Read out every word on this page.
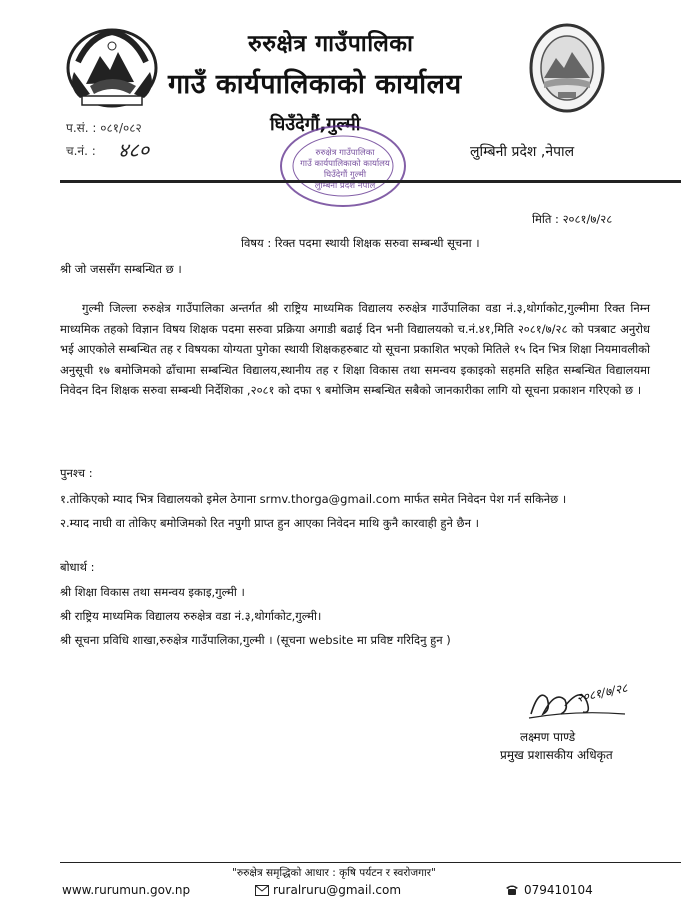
रुरुक्षेत्र गाउँपालिका
गाउँ कार्यपालिकाको कार्यालय
घिउँदेगौं,गुल्मी
रुरुक्षेत्र गाउँपालिका
गाउँ कार्यपालिकाको कार्यालय
घिउँदेगौं गुल्मी
लुम्बिनी प्रदेश नेपाल
प.सं. : ०८१/०८२
च.नं. : ४८०	लुम्बिनी प्रदेश ,नेपाल
मिति : २०८१/७/२८
विषय : रिक्त पदमा स्थायी शिक्षक सरुवा सम्बन्धी सूचना ।
श्री जो जससँग सम्बन्धित छ ।
गुल्मी जिल्ला रुरुक्षेत्र गाउँपालिका अन्तर्गत श्री राष्ट्रिय माध्यमिक विद्यालय रुरुक्षेत्र गाउँपालिका वडा नं.३,थोर्गाकोट,गुल्मीमा रिक्त निम्न माध्यमिक तहको विज्ञान विषय शिक्षक पदमा सरुवा प्रक्रिया अगाडी बढाई दिन भनी विद्यालयको च.नं.४१,मिति २०८१/७/२८ को पत्रबाट अनुरोध भई आएकोले सम्बन्धित तह र विषयका योग्यता पुगेका स्थायी शिक्षकहरुबाट यो सूचना प्रकाशित भएको मितिले १५ दिन भित्र शिक्षा नियमावलीको अनुसूची १७ बमोजिमको ढाँचामा सम्बन्धित विद्यालय,स्थानीय तह र शिक्षा विकास तथा समन्वय इकाइको सहमति सहित सम्बन्धित विद्यालयमा निवेदन दिन शिक्षक सरुवा सम्बन्धी निर्देशिका ,२०८१ को दफा ९ बमोजिम सम्बन्धित सबैको जानकारीका लागि यो सूचना प्रकाशन गरिएको छ ।
पुनश्च :
१.तोकिएको म्याद भित्र विद्यालयको इमेल ठेगाना srmv.thorga@gmail.com मार्फत समेत निवेदन पेश गर्न सकिनेछ ।
२.म्याद नाघी वा तोकिए बमोजिमको रित नपुगी प्राप्त हुन आएका निवेदन माथि कुनै कारवाही हुने छैन ।
बोधार्थ :
श्री शिक्षा विकास तथा समन्वय इकाइ,गुल्मी ।
श्री राष्ट्रिय माध्यमिक विद्यालय रुरुक्षेत्र वडा नं.३,थोर्गाकोट,गुल्मी।
श्री सूचना प्रविधि शाखा,रुरुक्षेत्र गाउँपालिका,गुल्मी । (सूचना website मा प्रविष्ट गरिदिनु हुन )
२०८१/७/२८
लक्ष्मण पाण्डे
प्रमुख प्रशासकीय अधिकृत
"रुरुक्षेत्र समृद्धिको आधार : कृषि पर्यटन र स्वरोजगार"
www.rurumun.gov.np	ruralruru@gmail.com	079410104
